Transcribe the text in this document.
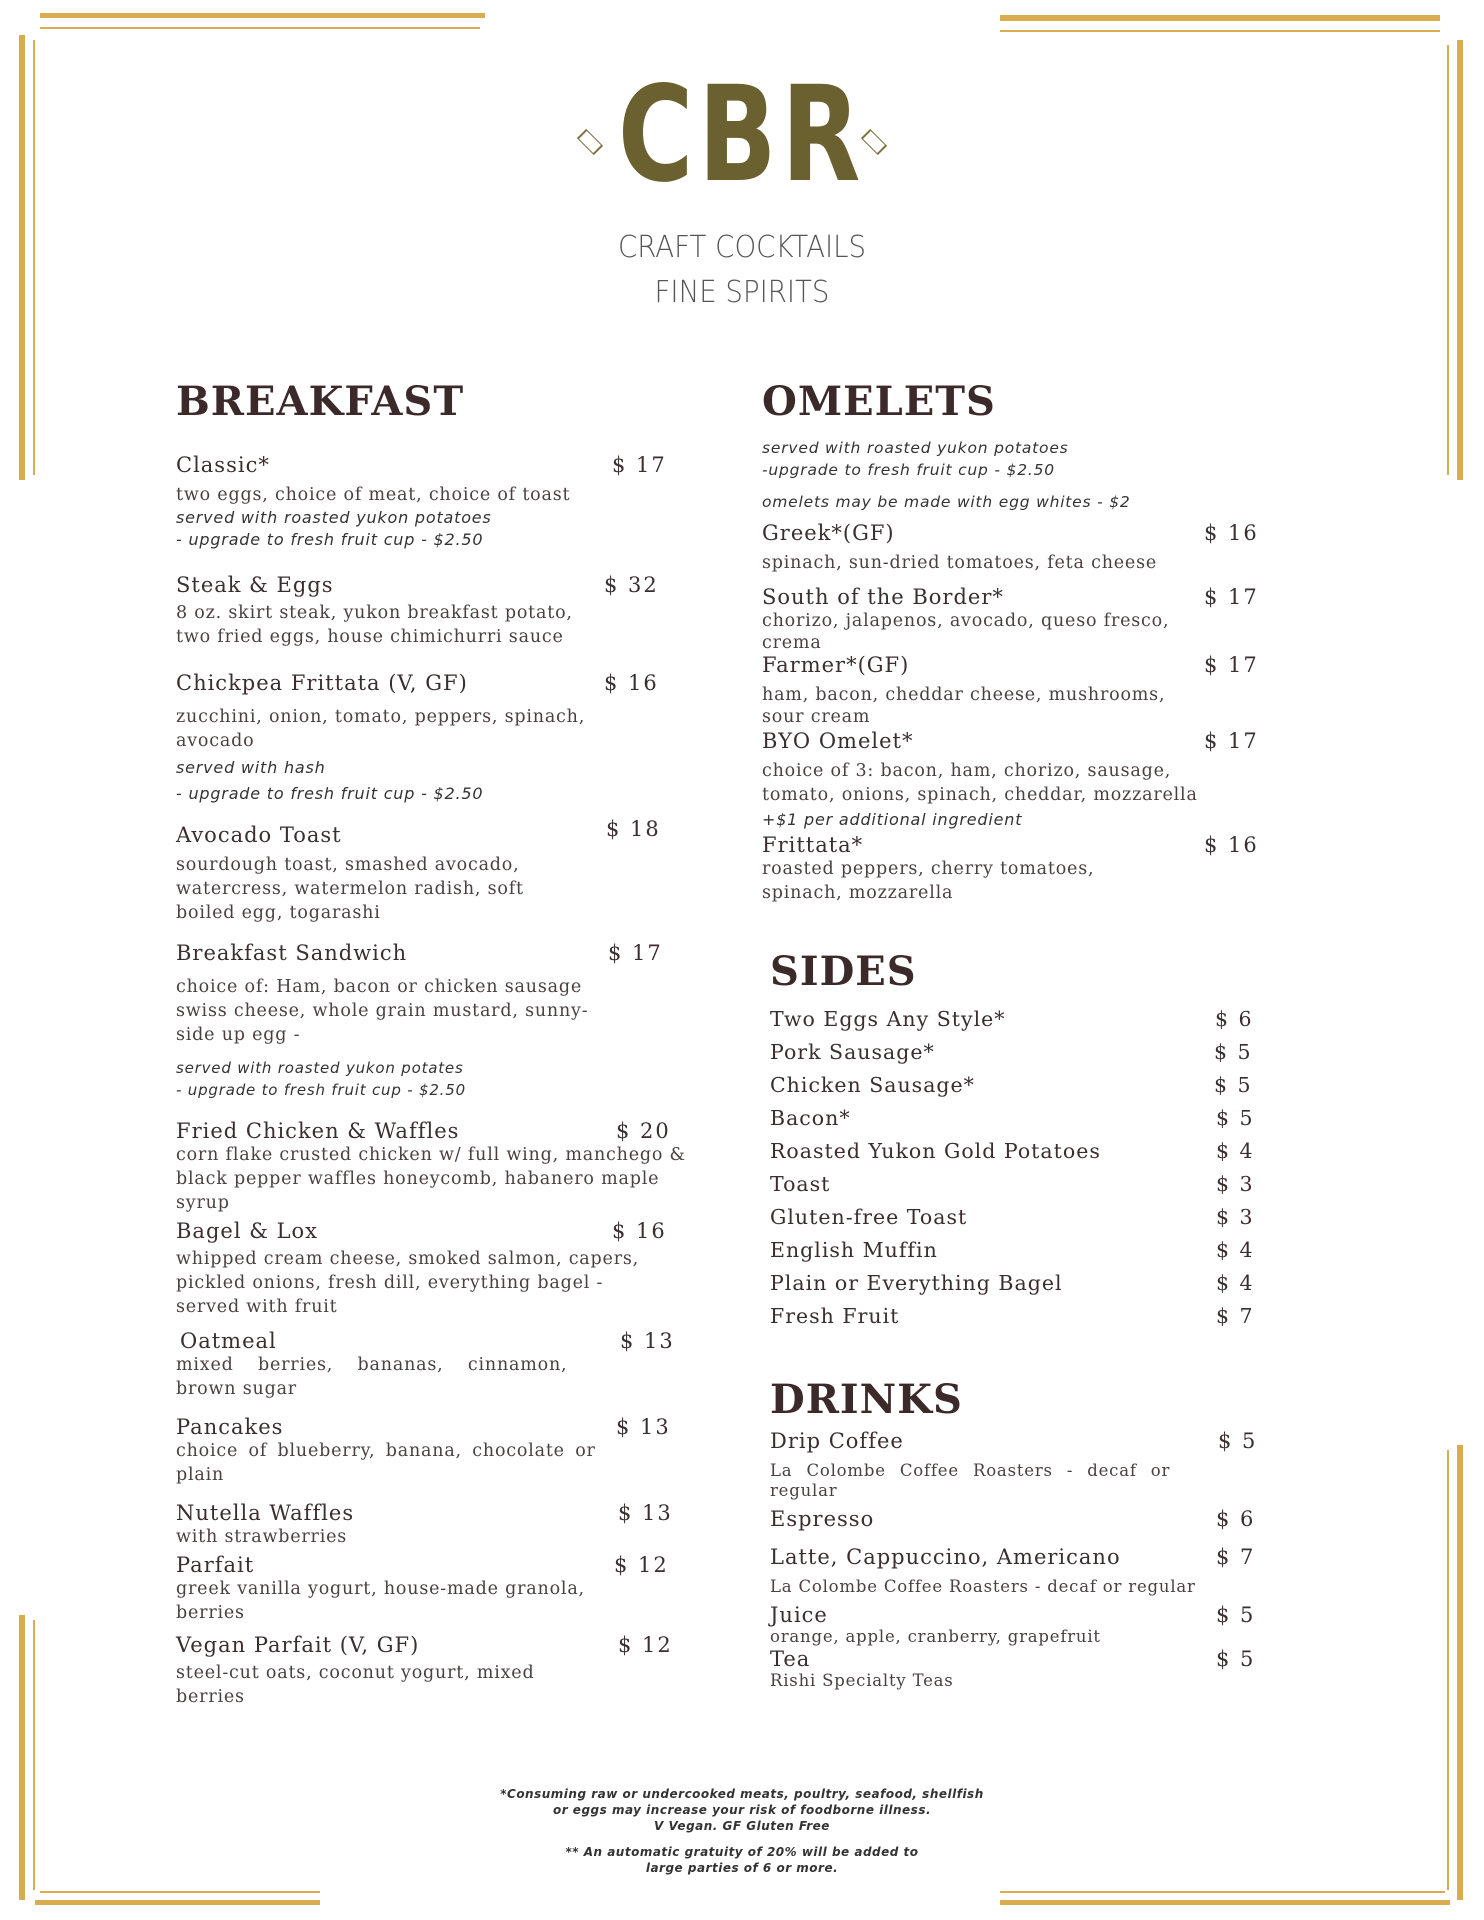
CBR
CRAFT COCKTAILS
FINE SPIRITS
BREAKFAST
Classic*	$ 17
two eggs, choice of meat, choice of toast
served with roasted yukon potatoes
- upgrade to fresh fruit cup - $2.50
Steak & Eggs	$ 32
8 oz. skirt steak, yukon breakfast potato,
two fried eggs, house chimichurri sauce
Chickpea Frittata (V, GF)	$ 16
zucchini, onion, tomato, peppers, spinach,
avocado
served with hash
- upgrade to fresh fruit cup - $2.50
Avocado Toast	$ 18
sourdough toast, smashed avocado,
watercress, watermelon radish, soft
boiled egg, togarashi
Breakfast Sandwich	$ 17
choice of: Ham, bacon or chicken sausage
swiss cheese, whole grain mustard, sunny-
side up egg -
served with roasted yukon potates
- upgrade to fresh fruit cup - $2.50
Fried Chicken & Waffles	$ 20
corn flake crusted chicken w/ full wing, manchego &
black pepper waffles honeycomb, habanero maple
syrup
Bagel & Lox	$ 16
whipped cream cheese, smoked salmon, capers,
pickled onions, fresh dill, everything bagel -
served with fruit
Oatmeal	$ 13
mixed berries, bananas, cinnamon,
brown sugar
Pancakes	$ 13
choice of blueberry, banana, chocolate or
plain
Nutella Waffles	$ 13
with strawberries
Parfait	$ 12
greek vanilla yogurt, house-made granola,
berries
Vegan Parfait (V, GF)	$ 12
steel-cut oats, coconut yogurt, mixed
berries
OMELETS
served with roasted yukon potatoes
-upgrade to fresh fruit cup - $2.50
omelets may be made with egg whites - $2
Greek*(GF)	$ 16
spinach, sun-dried tomatoes, feta cheese
South of the Border*	$ 17
chorizo, jalapenos, avocado, queso fresco,
crema
Farmer*(GF)	$ 17
ham, bacon, cheddar cheese, mushrooms,
sour cream
BYO Omelet*	$ 17
choice of 3: bacon, ham, chorizo, sausage,
tomato, onions, spinach, cheddar, mozzarella
+$1 per additional ingredient
Frittata*	$ 16
roasted peppers, cherry tomatoes,
spinach, mozzarella
SIDES
Two Eggs Any Style*	$ 6
Pork Sausage*	$ 5
Chicken Sausage*	$ 5
Bacon*	$ 5
Roasted Yukon Gold Potatoes	$ 4
Toast	$ 3
Gluten-free Toast	$ 3
English Muffin	$ 4
Plain or Everything Bagel	$ 4
Fresh Fruit	$ 7
DRINKS
Drip Coffee	$ 5
La Colombe Coffee Roasters - decaf or
regular
Espresso	$ 6
Latte, Cappuccino, Americano	$ 7
La Colombe Coffee Roasters - decaf or regular
Juice	$ 5
orange, apple, cranberry, grapefruit
Tea	$ 5
Rishi Specialty Teas
*Consuming raw or undercooked meats, poultry, seafood, shellfish
or eggs may increase your risk of foodborne illness.
V Vegan. GF Gluten Free
** An automatic gratuity of 20% will be added to
large parties of 6 or more.
